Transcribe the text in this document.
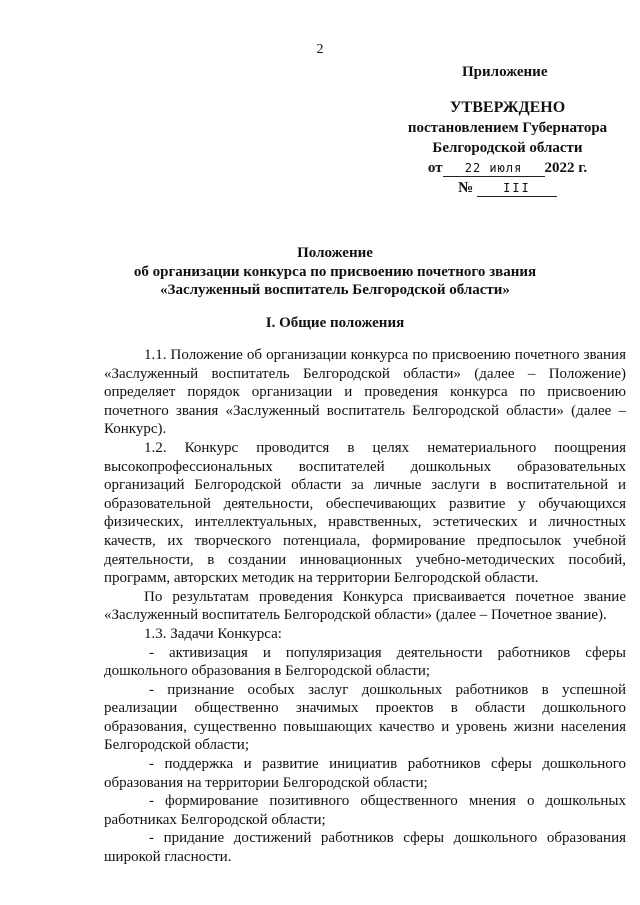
2
Приложение
УТВЕРЖДЕНО
постановлением Губернатора
Белгородской области
от	22 июля	2022 г.
№
	III
Положение
об организации конкурса по присвоению почетного звания
«Заслуженный воспитатель Белгородской области»
I. Общие положения

1.1. Положение об организации конкурса по присвоению почетного звания «Заслуженный воспитатель Белгородской области» (далее – Положение) определяет порядок организации и проведения конкурса по присвоению почетного звания «Заслуженный воспитатель Белгородской области» (далее – Конкурс).

1.2. Конкурс проводится в целях нематериального поощрения высокопрофессиональных воспитателей дошкольных образовательных организаций Белгородской области за личные заслуги в воспитательной и образовательной деятельности, обеспечивающих развитие у обучающихся физических, интеллектуальных, нравственных, эстетических и личностных качеств, их творческого потенциала, формирование предпосылок учебной деятельности, в создании инновационных учебно-методических пособий, программ, авторских методик на территории Белгородской области.

По результатам проведения Конкурса присваивается почетное звание «Заслуженный воспитатель Белгородской области» (далее – Почетное звание).

1.3. Задачи Конкурса:

- активизация и популяризация деятельности работников сферы дошкольного образования в Белгородской области;

- признание особых заслуг дошкольных работников в успешной реализации общественно значимых проектов в области дошкольного образования, существенно повышающих качество и уровень жизни населения Белгородской области;

- поддержка и развитие инициатив работников сферы дошкольного образования на территории Белгородской области;

- формирование позитивного общественного мнения о дошкольных работниках Белгородской области;

- придание достижений работников сферы дошкольного образования широкой гласности.
